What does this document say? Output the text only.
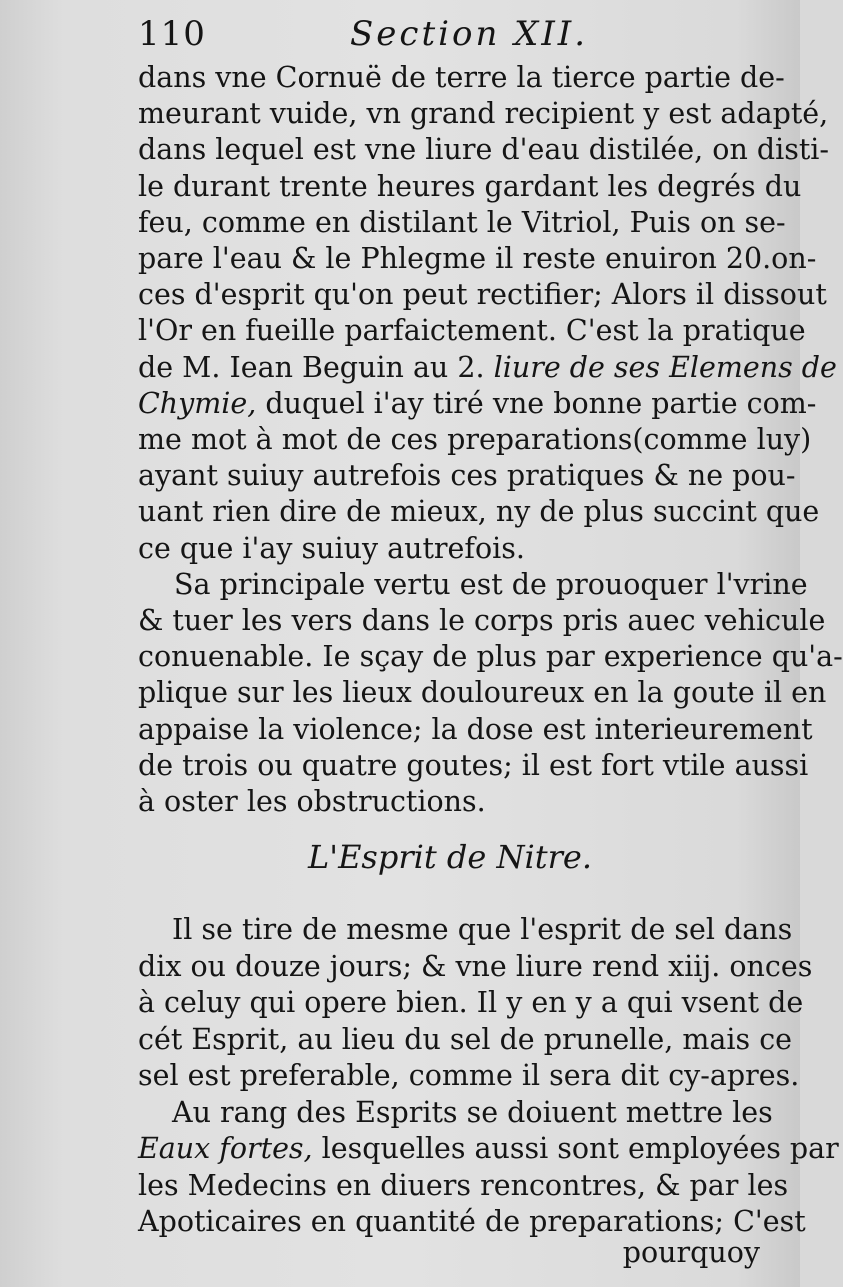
110	Section XII.
dans vne Cornuë de terre la tierce partie de-
meurant vuide, vn grand recipient y est adapté,
dans lequel est vne liure d'eau distilée, on disti-
le durant trente heures gardant les degrés du
feu, comme en distilant le Vitriol, Puis on se-
pare l'eau & le Phlegme il reste enuiron 20.on-
ces d'esprit qu'on peut rectifier; Alors il dissout
l'Or en fueille parfaictement. C'est la pratique
de M. Iean Beguin au 2. liure de ses Elemens de
Chymie, duquel i'ay tiré vne bonne partie com-
me mot à mot de ces preparations(comme luy)
ayant suiuy autrefois ces pratiques & ne pou-
uant rien dire de mieux, ny de plus succint que
ce que i'ay suiuy autrefois.
Sa principale vertu est de prouoquer l'vrine
& tuer les vers dans le corps pris auec vehicule
conuenable. Ie sçay de plus par experience qu'a-
plique sur les lieux douloureux en la goute il en
appaise la violence; la dose est interieurement
de trois ou quatre goutes; il est fort vtile aussi
à oster les obstructions.
L'Esprit de Nitre.
Il se tire de mesme que l'esprit de sel dans
dix ou douze jours; & vne liure rend xiij. onces
à celuy qui opere bien. Il y en y a qui vsent de
cét Esprit, au lieu du sel de prunelle, mais ce
sel est preferable, comme il sera dit cy-apres.
Au rang des Esprits se doiuent mettre les
Eaux fortes, lesquelles aussi sont employées par
les Medecins en diuers rencontres, & par les
Apoticaires en quantité de preparations; C'est
pourquoy
